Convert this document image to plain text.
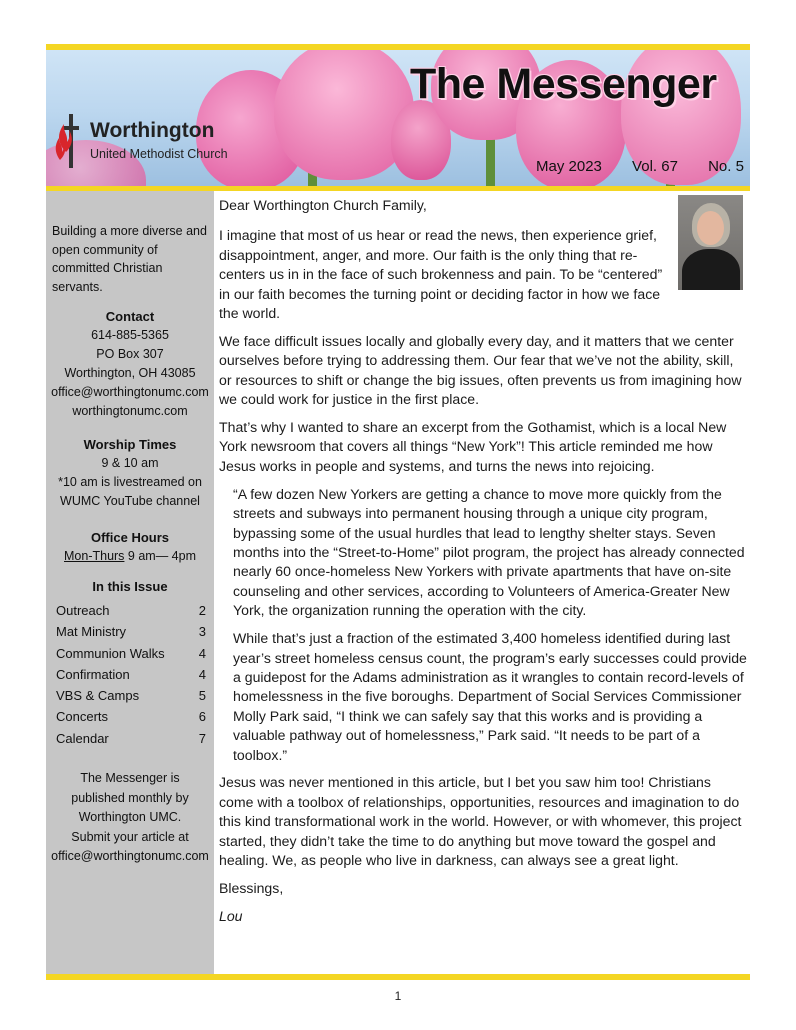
The Messenger
Worthington
United Methodist Church
May 2023 Vol. 67 No. 5
Building a more diverse and open community of committed Christian servants.
Contact
614-885-5365
PO Box 307
Worthington, OH 43085
office@worthingtonumc.com
worthingtonumc.com
Worship Times
9 & 10 am
*10 am is livestreamed on
WUMC YouTube channel
Office Hours
Mon-Thurs 9 am— 4pm
In this Issue
Outreach	2
Mat Ministry	3
Communion Walks	4
Confirmation	4
VBS & Camps	5
Concerts	6
Calendar	7
The Messenger is
published monthly by
Worthington UMC.
Submit your article at
office@worthingtonumc.com

Dear Worthington Church Family,

I imagine that most of us hear or read the news, then experience grief, disappointment, anger, and more. Our faith is the only thing that re-centers us in in the face of such brokenness and pain. To be “centered” in our faith becomes the turning point or deciding factor in how we face the world.

We face difficult issues locally and globally every day, and it matters that we center ourselves before trying to addressing them. Our fear that we’ve not the ability, skill, or resources to shift or change the big issues, often prevents us from imagining how we could work for justice in the first place.

That’s why I wanted to share an excerpt from the Gothamist, which is a local New York newsroom that covers all things “New York”! This article reminded me how Jesus works in people and systems, and turns the news into rejoicing.

“A few dozen New Yorkers are getting a chance to move more quickly from the streets and subways into permanent housing through a unique city program, bypassing some of the usual hurdles that lead to lengthy shelter stays. Seven months into the “Street-to-Home” pilot program, the project has already connected nearly 60 once-homeless New Yorkers with private apartments that have on-site counseling and other services, according to Volunteers of America-Greater New York, the organization running the operation with the city.

While that’s just a fraction of the estimated 3,400 homeless identified during last year’s street homeless census count, the program’s early successes could provide a guidepost for the Adams administration as it wrangles to contain record-levels of homelessness in the five boroughs. Department of Social Services Commissioner Molly Park said, “I think we can safely say that this works and is providing a valuable pathway out of homelessness,” Park said. “It needs to be part of a toolbox.”

Jesus was never mentioned in this article, but I bet you saw him too! Christians come with a toolbox of relationships, opportunities, resources and imagination to do this kind transformational work in the world. However, or with whomever, this project started, they didn’t take the time to do anything but move toward the gospel and healing. We, as people who live in darkness, can always see a great light.

Blessings,

Lou

1
